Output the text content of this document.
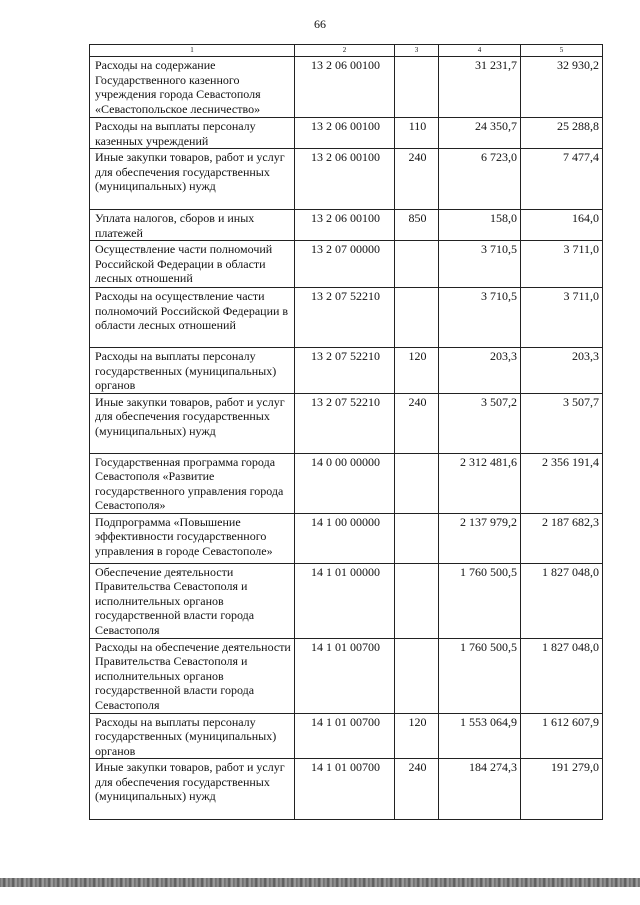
66
1	2	3	4	5
Расходы на содержание Государственного казенного учреждения города Севастополя «Севастопольское лесничество»	13 2 06 00100		31 231,7	32 930,2
Расходы на выплаты персоналу казенных учреждений	13 2 06 00100	110	24 350,7	25 288,8
Иные закупки товаров, работ и услуг для обеспечения государственных (муниципальных) нужд	13 2 06 00100	240	6 723,0	7 477,4
Уплата налогов, сборов и иных платежей	13 2 06 00100	850	158,0	164,0
Осуществление части полномочий Российской Федерации в области лесных отношений	13 2 07 00000		3 710,5	3 711,0
Расходы на осуществление части полномочий Российской Федерации в области лесных отношений	13 2 07 52210		3 710,5	3 711,0
Расходы на выплаты персоналу государственных (муниципальных) органов	13 2 07 52210	120	203,3	203,3
Иные закупки товаров, работ и услуг для обеспечения государственных (муниципальных) нужд	13 2 07 52210	240	3 507,2	3 507,7
Государственная программа города Севастополя «Развитие государственного управления города Севастополя»	14 0 00 00000		2 312 481,6	2 356 191,4
Подпрограмма «Повышение эффективности государственного управления в городе Севастополе»	14 1 00 00000		2 137 979,2	2 187 682,3
Обеспечение деятельности Правительства Севастополя и исполнительных органов государственной власти города Севастополя	14 1 01 00000		1 760 500,5	1 827 048,0
Расходы на обеспечение деятельности Правительства Севастополя и исполнительных органов государственной власти города Севастополя	14 1 01 00700		1 760 500,5	1 827 048,0
Расходы на выплаты персоналу государственных (муниципальных) органов	14 1 01 00700	120	1 553 064,9	1 612 607,9
Иные закупки товаров, работ и услуг для обеспечения государственных (муниципальных) нужд	14 1 01 00700	240	184 274,3	191 279,0
